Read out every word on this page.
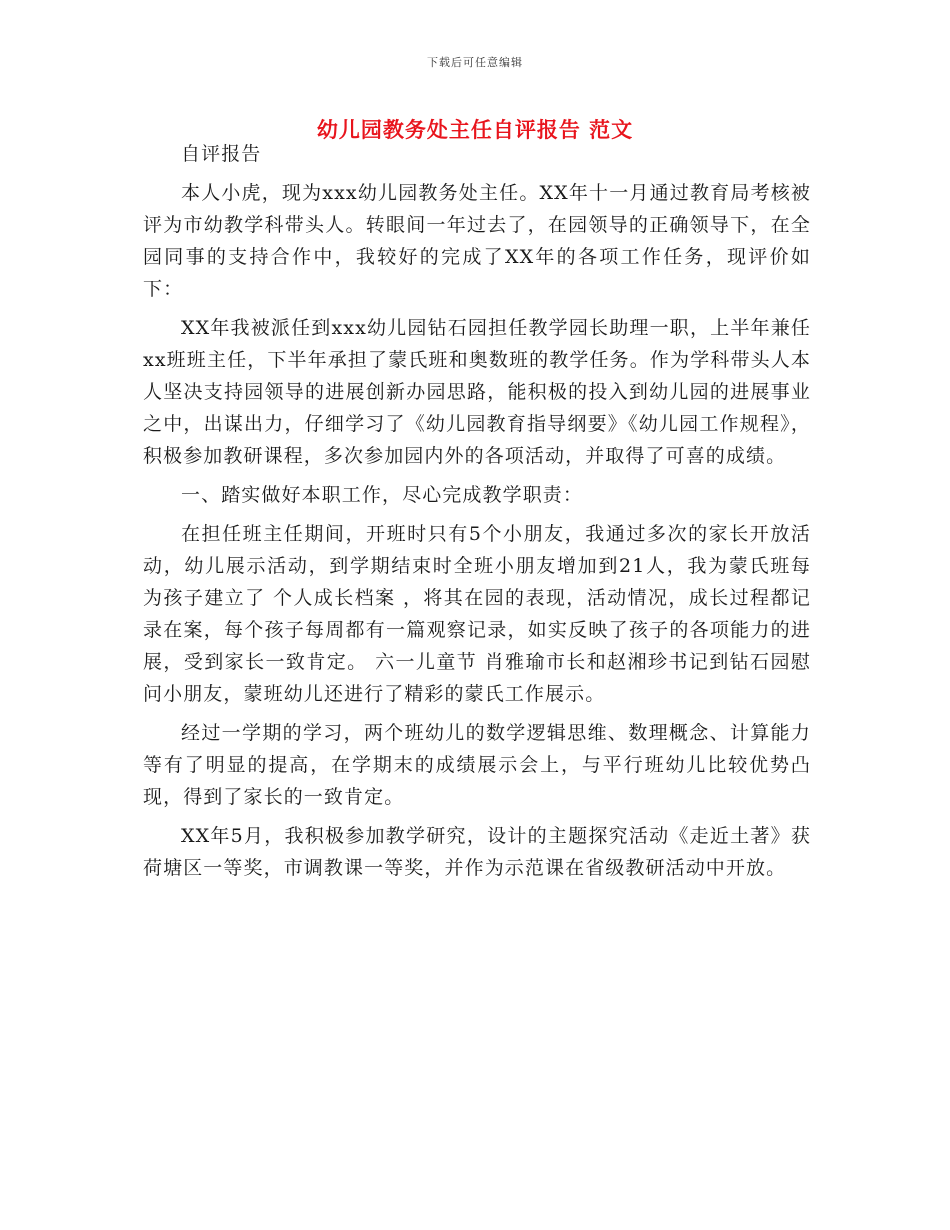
下载后可任意编辑
幼儿园教务处主任自评报告 范文

自评报告

本人小虎，现为xxx幼儿园教务处主任。XX年十一月通过教育局考核被评为市幼教学科带头人。转眼间一年过去了，在园领导的正确领导下，在全园同事的支持合作中，我较好的完成了XX年的各项工作任务，现评价如下：

XX年我被派任到xxx幼儿园钻石园担任教学园长助理一职，上半年兼任xx班班主任，下半年承担了蒙氏班和奥数班的教学任务。作为学科带头人本人坚决支持园领导的进展创新办园思路，能积极的投入到幼儿园的进展事业之中，出谋出力，仔细学习了《幼儿园教育指导纲要》《幼儿园工作规程》，积极参加教研课程，多次参加园内外的各项活动，并取得了可喜的成绩。

一、踏实做好本职工作，尽心完成教学职责：

在担任班主任期间，开班时只有5个小朋友，我通过多次的家长开放活动，幼儿展示活动，到学期结束时全班小朋友增加到21人，我为蒙氏班每为孩子建立了 个人成长档案 ，将其在园的表现，活动情况，成长过程都记录在案，每个孩子每周都有一篇观察记录，如实反映了孩子的各项能力的进展，受到家长一致肯定。 六一儿童节 肖雅瑜市长和赵湘珍书记到钻石园慰问小朋友，蒙班幼儿还进行了精彩的蒙氏工作展示。

经过一学期的学习，两个班幼儿的数学逻辑思维、数理概念、计算能力等有了明显的提高，在学期末的成绩展示会上，与平行班幼儿比较优势凸现，得到了家长的一致肯定。

XX年5月，我积极参加教学研究，设计的主题探究活动《走近土著》获荷塘区一等奖，市调教课一等奖，并作为示范课在省级教研活动中开放。
